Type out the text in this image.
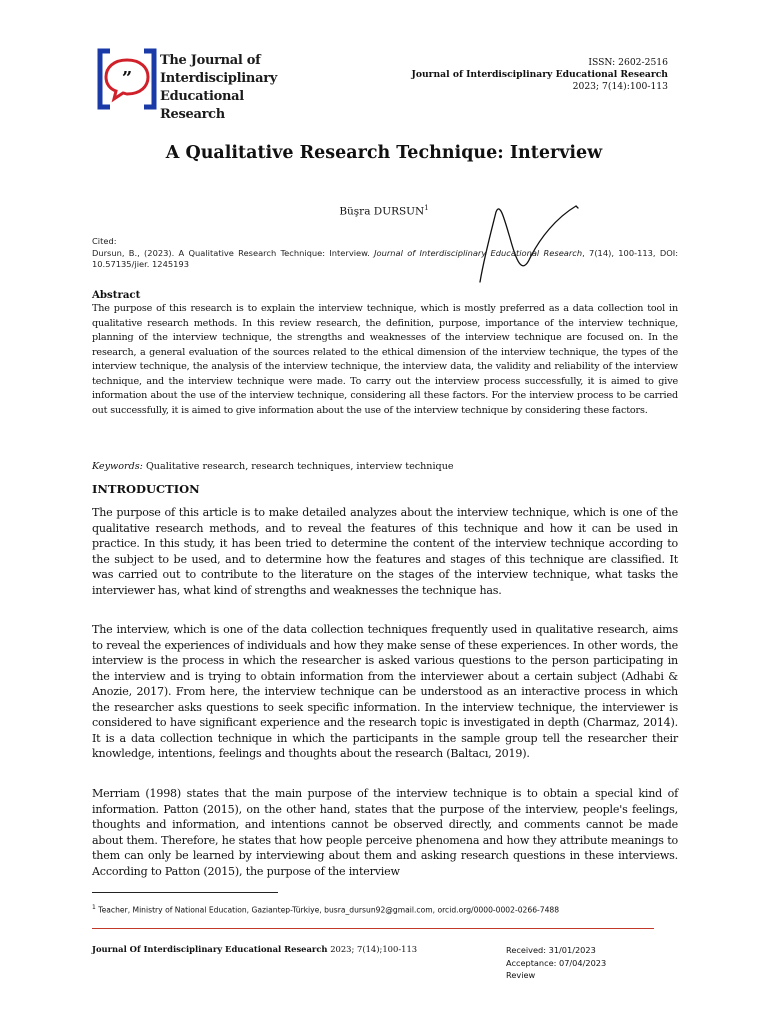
”
The Journal of
Interdisciplinary
Educational Research
ISSN: 2602-2516
Journal of Interdisciplinary Educational Research
2023; 7(14):100-113
A Qualitative Research Technique: Interview
Büşra DURSUN$^1$
Cited:
Dursun, B., (2023). A Qualitative Research Technique: Interview. Journal of Interdisciplinary Educational Research, 7(14), 100-113, DOI: 10.57135/jier. 1245193
Abstract
The purpose of this research is to explain the interview technique, which is mostly preferred as a data collection tool in qualitative research methods. In this review research, the definition, purpose, importance of the interview technique, planning of the interview technique, the strengths and weaknesses of the interview technique are focused on. In the research, a general evaluation of the sources related to the ethical dimension of the interview technique, the types of the interview technique, the analysis of the interview technique, the interview data, the validity and reliability of the interview technique, and the interview technique were made. To carry out the interview process successfully, it is aimed to give information about the use of the interview technique, considering all these factors. For the interview process to be carried out successfully, it is aimed to give information about the use of the interview technique by considering these factors.
Keywords: Qualitative research, research techniques, interview technique
INTRODUCTION
The purpose of this article is to make detailed analyzes about the interview technique, which is one of the qualitative research methods, and to reveal the features of this technique and how it can be used in practice. In this study, it has been tried to determine the content of the interview technique according to the subject to be used, and to determine how the features and stages of this technique are classified. It was carried out to contribute to the literature on the stages of the interview technique, what tasks the interviewer has, what kind of strengths and weaknesses the technique has.
The interview, which is one of the data collection techniques frequently used in qualitative research, aims to reveal the experiences of individuals and how they make sense of these experiences. In other words, the interview is the process in which the researcher is asked various questions to the person participating in the interview and is trying to obtain information from the interviewer about a certain subject (Adhabi & Anozie, 2017). From here, the interview technique can be understood as an interactive process in which the researcher asks questions to seek specific information. In the interview technique, the interviewer is considered to have significant experience and the research topic is investigated in depth (Charmaz, 2014). It is a data collection technique in which the participants in the sample group tell the researcher their knowledge, intentions, feelings and thoughts about the research (Baltacı, 2019).
Merriam (1998) states that the main purpose of the interview technique is to obtain a special kind of information. Patton (2015), on the other hand, states that the purpose of the interview, people's feelings, thoughts and information, and intentions cannot be observed directly, and comments cannot be made about them. Therefore, he states that how people perceive phenomena and how they attribute meanings to them can only be learned by interviewing about them and asking research questions in these interviews. According to Patton (2015), the purpose of the interview
$^1$ Teacher, Ministry of National Education, Gaziantep-Türkiye, busra_dursun92@gmail.com, orcid.org/0000-0002-0266-7488
Journal Of Interdisciplinary Educational Research 2023; 7(14);100-113	Received: 31/01/2023
Acceptance: 07/04/2023
Review
